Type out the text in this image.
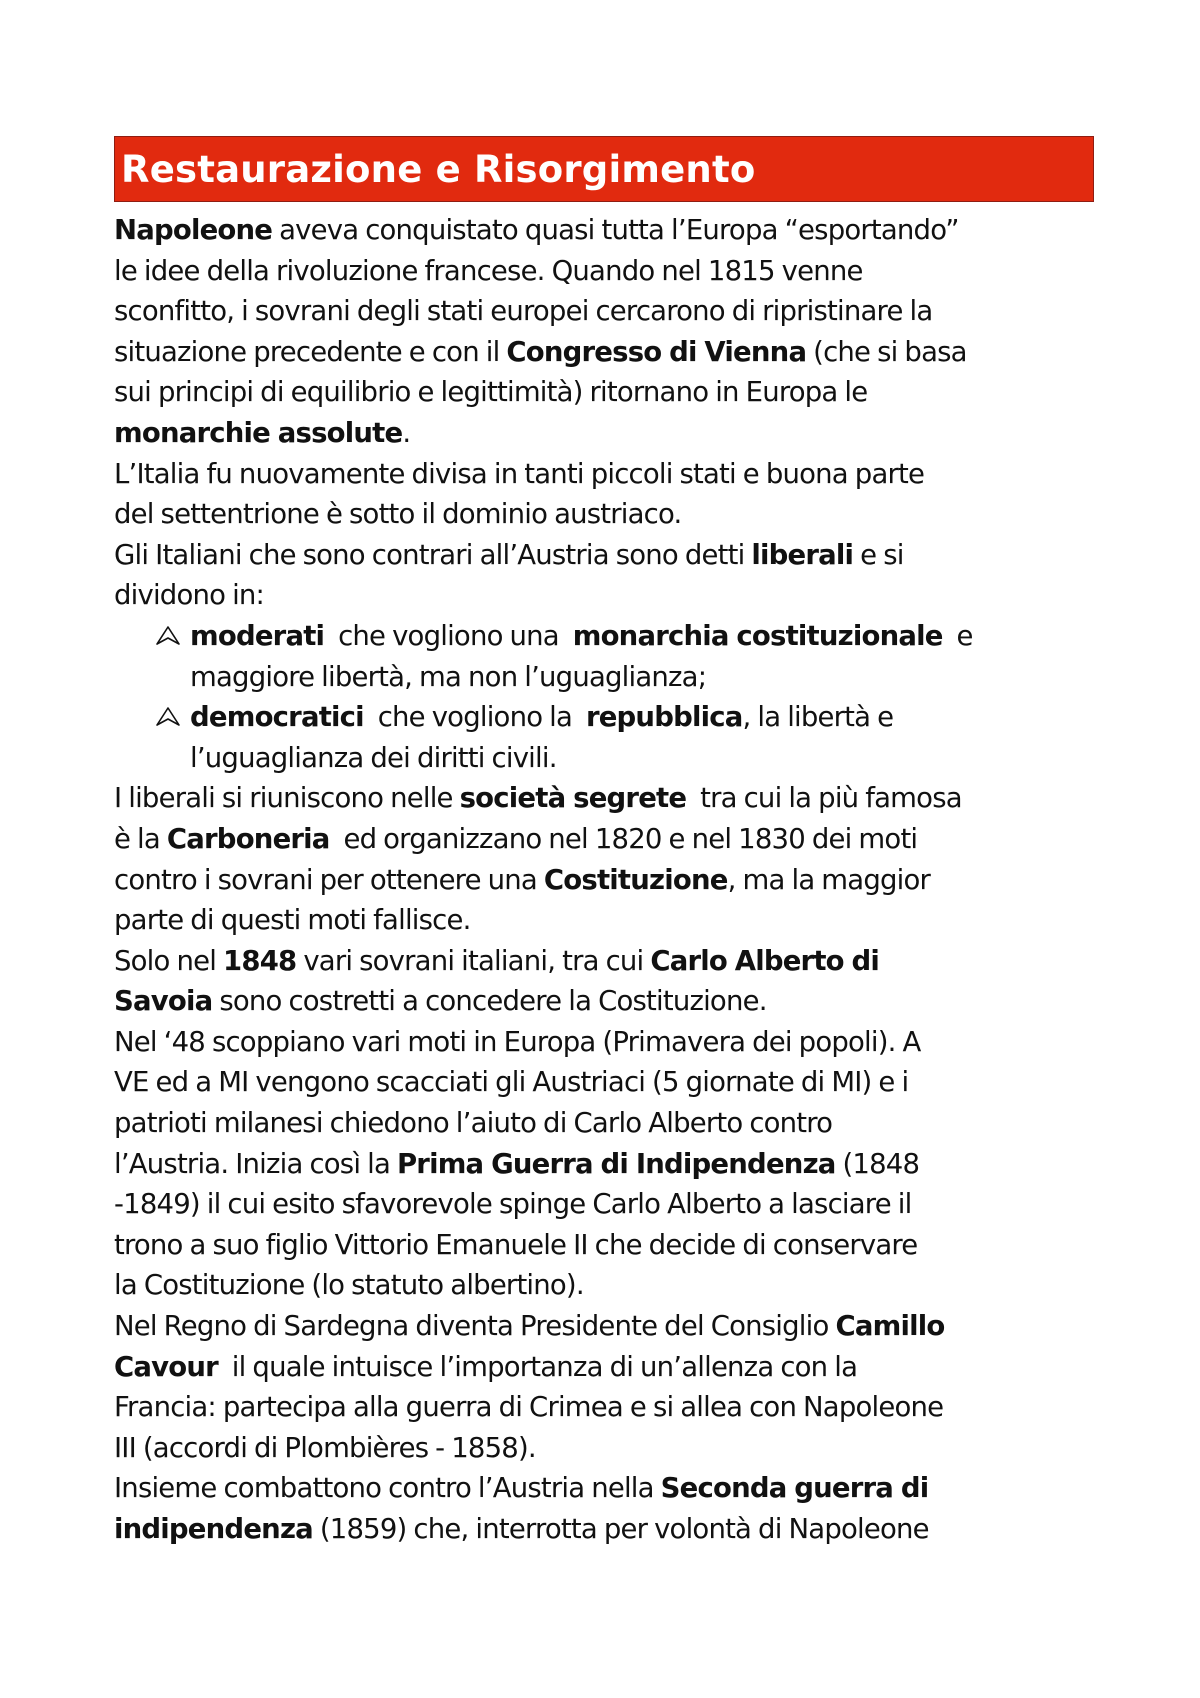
Restaurazione e Risorgimento
Napoleone aveva conquistato quasi tutta l’Europa “esportando”
le idee della rivoluzione francese. Quando nel 1815 venne
sconfitto, i sovrani degli stati europei cercarono di ripristinare la
situazione precedente e con il Congresso di Vienna (che si basa
sui principi di equilibrio e legittimità) ritornano in Europa le
monarchie assolute.
L’Italia fu nuovamente divisa in tanti piccoli stati e buona parte
del settentrione è sotto il dominio austriaco.
Gli Italiani che sono contrari all’Austria sono detti liberali e si
dividono in:
moderati  che vogliono una  monarchia costituzionale  e
maggiore libertà, ma non l’uguaglianza;
democratici  che vogliono la  repubblica, la libertà e
l’uguaglianza dei diritti civili.
I liberali si riuniscono nelle società segrete  tra cui la più famosa
è la Carboneria  ed organizzano nel 1820 e nel 1830 dei moti
contro i sovrani per ottenere una Costituzione, ma la maggior
parte di questi moti fallisce.
Solo nel 1848 vari sovrani italiani, tra cui Carlo Alberto di
Savoia sono costretti a concedere la Costituzione.
Nel ‘48 scoppiano vari moti in Europa (Primavera dei popoli). A
VE ed a MI vengono scacciati gli Austriaci (5 giornate di MI) e i
patrioti milanesi chiedono l’aiuto di Carlo Alberto contro
l’Austria. Inizia così la Prima Guerra di Indipendenza (1848
-1849) il cui esito sfavorevole spinge Carlo Alberto a lasciare il
trono a suo figlio Vittorio Emanuele II che decide di conservare
la Costituzione (lo statuto albertino).
Nel Regno di Sardegna diventa Presidente del Consiglio Camillo
Cavour  il quale intuisce l’importanza di un’allenza con la
Francia: partecipa alla guerra di Crimea e si allea con Napoleone
III (accordi di Plombières - 1858).
Insieme combattono contro l’Austria nella Seconda guerra di
indipendenza (1859) che, interrotta per volontà di Napoleone
